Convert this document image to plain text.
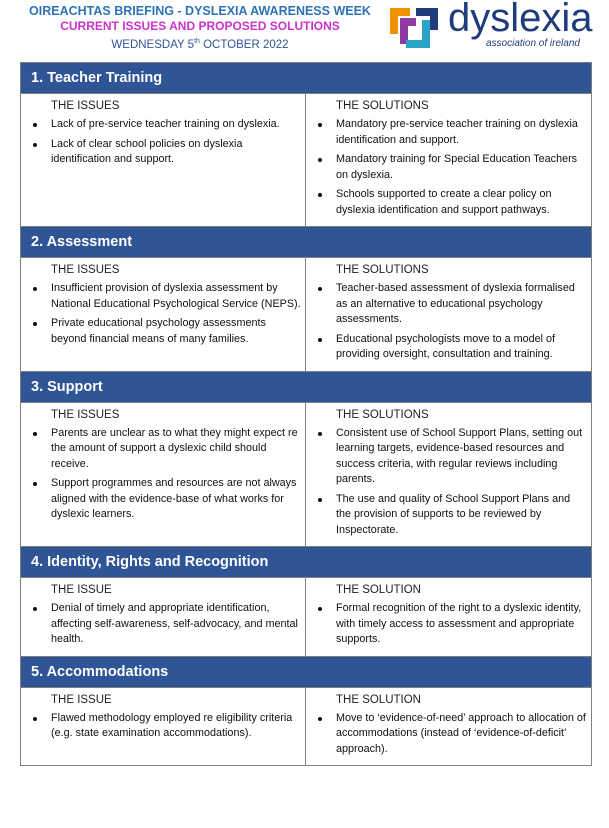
OIREACHTAS BRIEFING - DYSLEXIA AWARENESS WEEK
CURRENT ISSUES AND PROPOSED SOLUTIONS
WEDNESDAY 5th OCTOBER 2022
dyslexia
association of ireland
1. Teacher Training
THE ISSUES
Lack of pre-service teacher training on dyslexia.
Lack of clear school policies on dyslexia identification and support.
THE SOLUTIONS
Mandatory pre-service teacher training on dyslexia identification and support.
Mandatory training for Special Education Teachers on dyslexia.
Schools supported to create a clear policy on dyslexia identification and support pathways.
2. Assessment
THE ISSUES
Insufficient provision of dyslexia assessment by National Educational Psychological Service (NEPS).
Private educational psychology assessments beyond financial means of many families.
THE SOLUTIONS
Teacher-based assessment of dyslexia formalised as an alternative to educational psychology assessments.
Educational psychologists move to a model of providing oversight, consultation and training.
3. Support
THE ISSUES
Parents are unclear as to what they might expect re the amount of support a dyslexic child should receive.
Support programmes and resources are not always aligned with the evidence-base of what works for dyslexic learners.
THE SOLUTIONS
Consistent use of School Support Plans, setting out learning targets, evidence-based resources and success criteria, with regular reviews including parents.
The use and quality of School Support Plans and the provision of supports to be reviewed by Inspectorate.
4. Identity, Rights and Recognition
THE ISSUE
Denial of timely and appropriate identification, affecting self-awareness, self-advocacy, and mental health.
THE SOLUTION
Formal recognition of the right to a dyslexic identity, with timely access to assessment and appropriate supports.
5. Accommodations
THE ISSUE
Flawed methodology employed re eligibility criteria (e.g. state examination accommodations).
THE SOLUTION
Move to ‘evidence-of-need’ approach to allocation of accommodations (instead of ‘evidence-of-deficit’ approach).
